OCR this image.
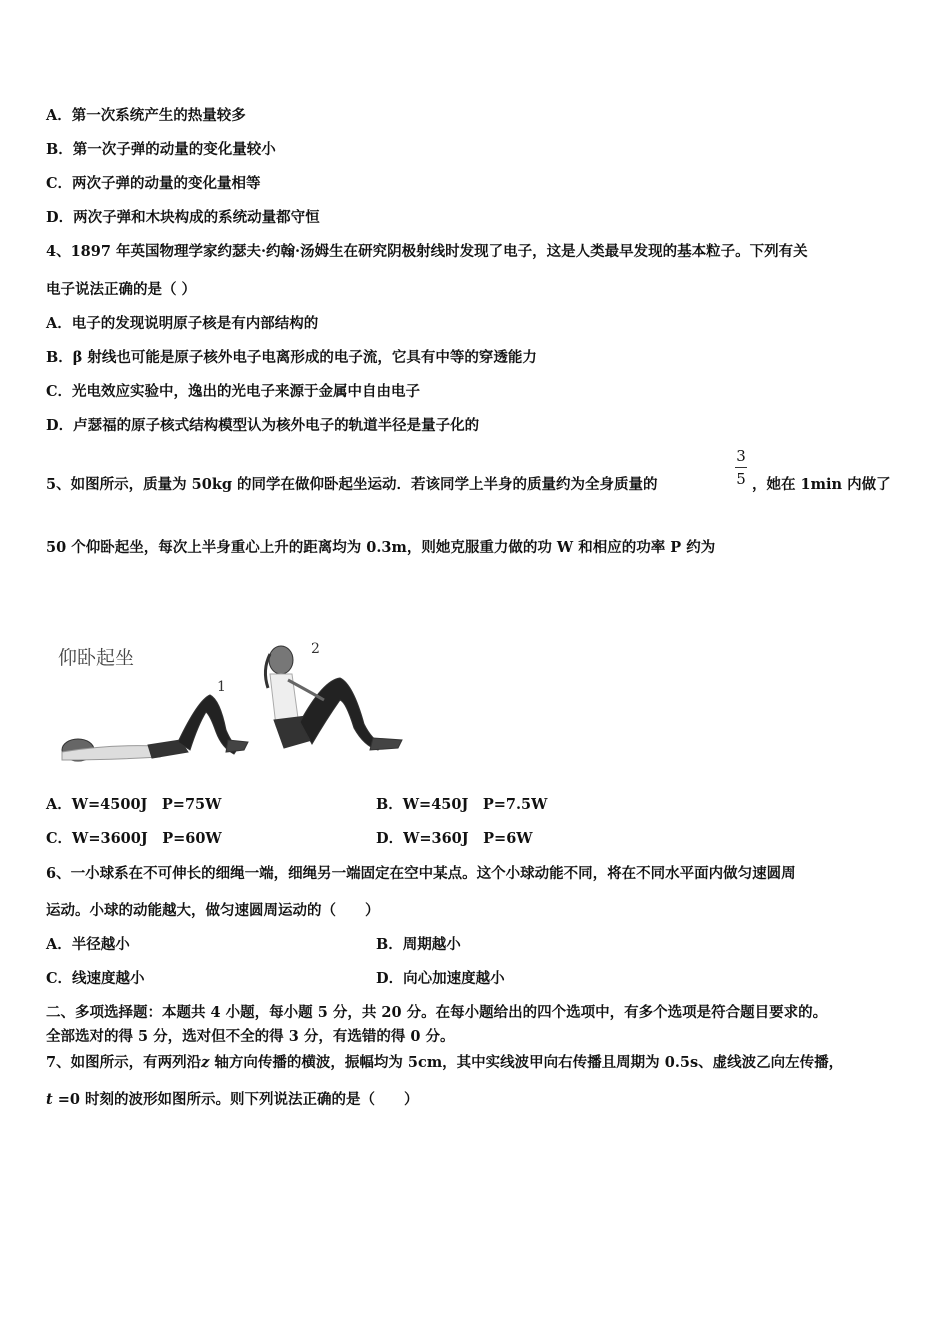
A．第一次系统产生的热量较多
B．第一次子弹的动量的变化量较小
C．两次子弹的动量的变化量相等
D．两次子弹和木块构成的系统动量都守恒
4、1897 年英国物理学家约瑟夫·约翰·汤姆生在研究阴极射线时发现了电子，这是人类最早发现的基本粒子。下列有关
电子说法正确的是（ ）
A．电子的发现说明原子核是有内部结构的
B．β 射线也可能是原子核外电子电离形成的电子流，它具有中等的穿透能力
C．光电效应实验中，逸出的光电子来源于金属中自由电子
D．卢瑟福的原子核式结构模型认为核外电子的轨道半径是量子化的
5、如图所示，质量为 50kg 的同学在做仰卧起坐运动．若该同学上半身的质量约为全身质量的
3
5 ，她在 1min 内做了
50 个仰卧起坐，每次上半身重心上升的距离均为 0.3m，则她克服重力做的功 W 和相应的功率 P 约为
仰卧起坐
1
2
A．W=4500J　P=75W	B．W=450J　P=7.5W
C．W=3600J　P=60W	D．W=360J　P=6W
6、一小球系在不可伸长的细绳一端，细绳另一端固定在空中某点。这个小球动能不同，将在不同水平面内做匀速圆周
运动。小球的动能越大，做匀速圆周运动的（　　）
A．半径越小	B．周期越小
C．线速度越小	D．向心加速度越小
二、多项选择题：本题共 4 小题，每小题 5 分，共 20 分。在每小题给出的四个选项中，有多个选项是符合题目要求的。
全部选对的得 5 分，选对但不全的得 3 分，有选错的得 0 分。
7、如图所示，有两列沿z 轴方向传播的横波，振幅均为 5cm，其中实线波甲向右传播且周期为 0.5s、虚线波乙向左传播，
t =0 时刻的波形如图所示。则下列说法正确的是（　　）
